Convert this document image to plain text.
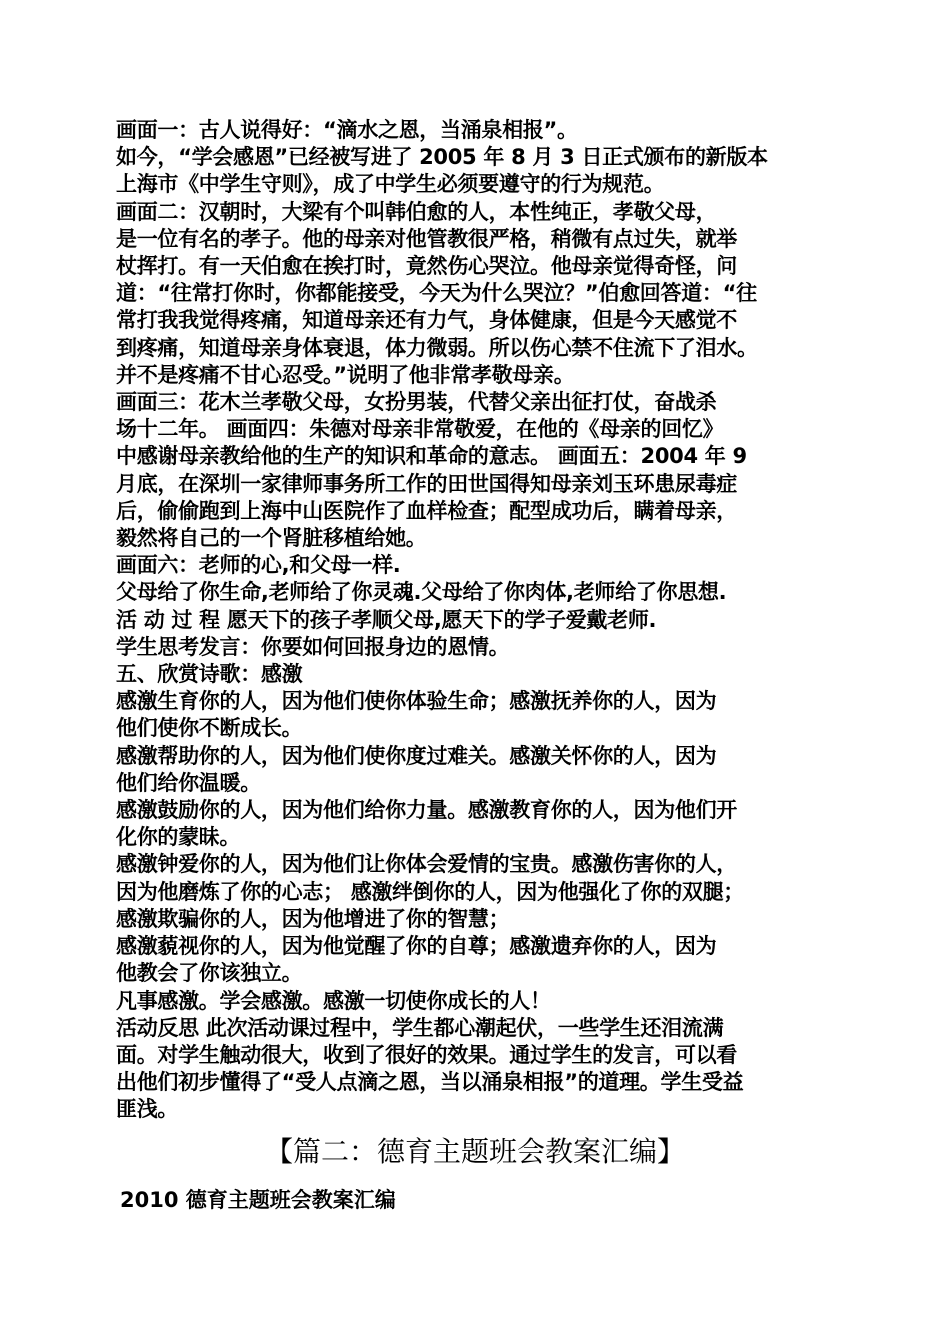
画面一：古人说得好：“滴水之恩，当涌泉相报”。
如今，“学会感恩”已经被写进了 2005 年 8 月 3 日正式颁布的新版本
上海市《中学生守则》，成了中学生必须要遵守的行为规范。
画面二：汉朝时，大梁有个叫韩伯愈的人，本性纯正，孝敬父母，
是一位有名的孝子。他的母亲对他管教很严格，稍微有点过失，就举
杖挥打。有一天伯愈在挨打时，竟然伤心哭泣。他母亲觉得奇怪，问
道：“往常打你时，你都能接受，今天为什么哭泣？”伯愈回答道：“往
常打我我觉得疼痛，知道母亲还有力气，身体健康，但是今天感觉不
到疼痛，知道母亲身体衰退，体力微弱。所以伤心禁不住流下了泪水。
并不是疼痛不甘心忍受。”说明了他非常孝敬母亲。
画面三：花木兰孝敬父母，女扮男装，代替父亲出征打仗，奋战杀
场十二年。 画面四：朱德对母亲非常敬爱，在他的《母亲的回忆》
中感谢母亲教给他的生产的知识和革命的意志。 画面五：2004 年 9
月底，在深圳一家律师事务所工作的田世国得知母亲刘玉环患尿毒症
后，偷偷跑到上海中山医院作了血样检查；配型成功后，瞒着母亲，
毅然将自己的一个肾脏移植给她。
画面六：老师的心,和父母一样.
父母给了你生命,老师给了你灵魂.父母给了你肉体,老师给了你思想.
活 动 过 程 愿天下的孩子孝顺父母,愿天下的学子爱戴老师.
学生思考发言：你要如何回报身边的恩情。
五、欣赏诗歌：感激
感激生育你的人，因为他们使你体验生命；感激抚养你的人，因为
他们使你不断成长。
感激帮助你的人，因为他们使你度过难关。感激关怀你的人，因为
他们给你温暖。
感激鼓励你的人，因为他们给你力量。感激教育你的人，因为他们开
化你的蒙昧。
感激钟爱你的人，因为他们让你体会爱情的宝贵。感激伤害你的人，
因为他磨炼了你的心志； 感激绊倒你的人，因为他强化了你的双腿；
感激欺骗你的人，因为他增进了你的智慧；
感激藐视你的人，因为他觉醒了你的自尊；感激遗弃你的人，因为
他教会了你该独立。
凡事感激。学会感激。感激一切使你成长的人！
活动反思 此次活动课过程中，学生都心潮起伏，一些学生还泪流满
面。对学生触动很大，收到了很好的效果。通过学生的发言，可以看
出他们初步懂得了“受人点滴之恩，当以涌泉相报”的道理。学生受益
匪浅。
【篇二：德育主题班会教案汇编】
2010 德育主题班会教案汇编
